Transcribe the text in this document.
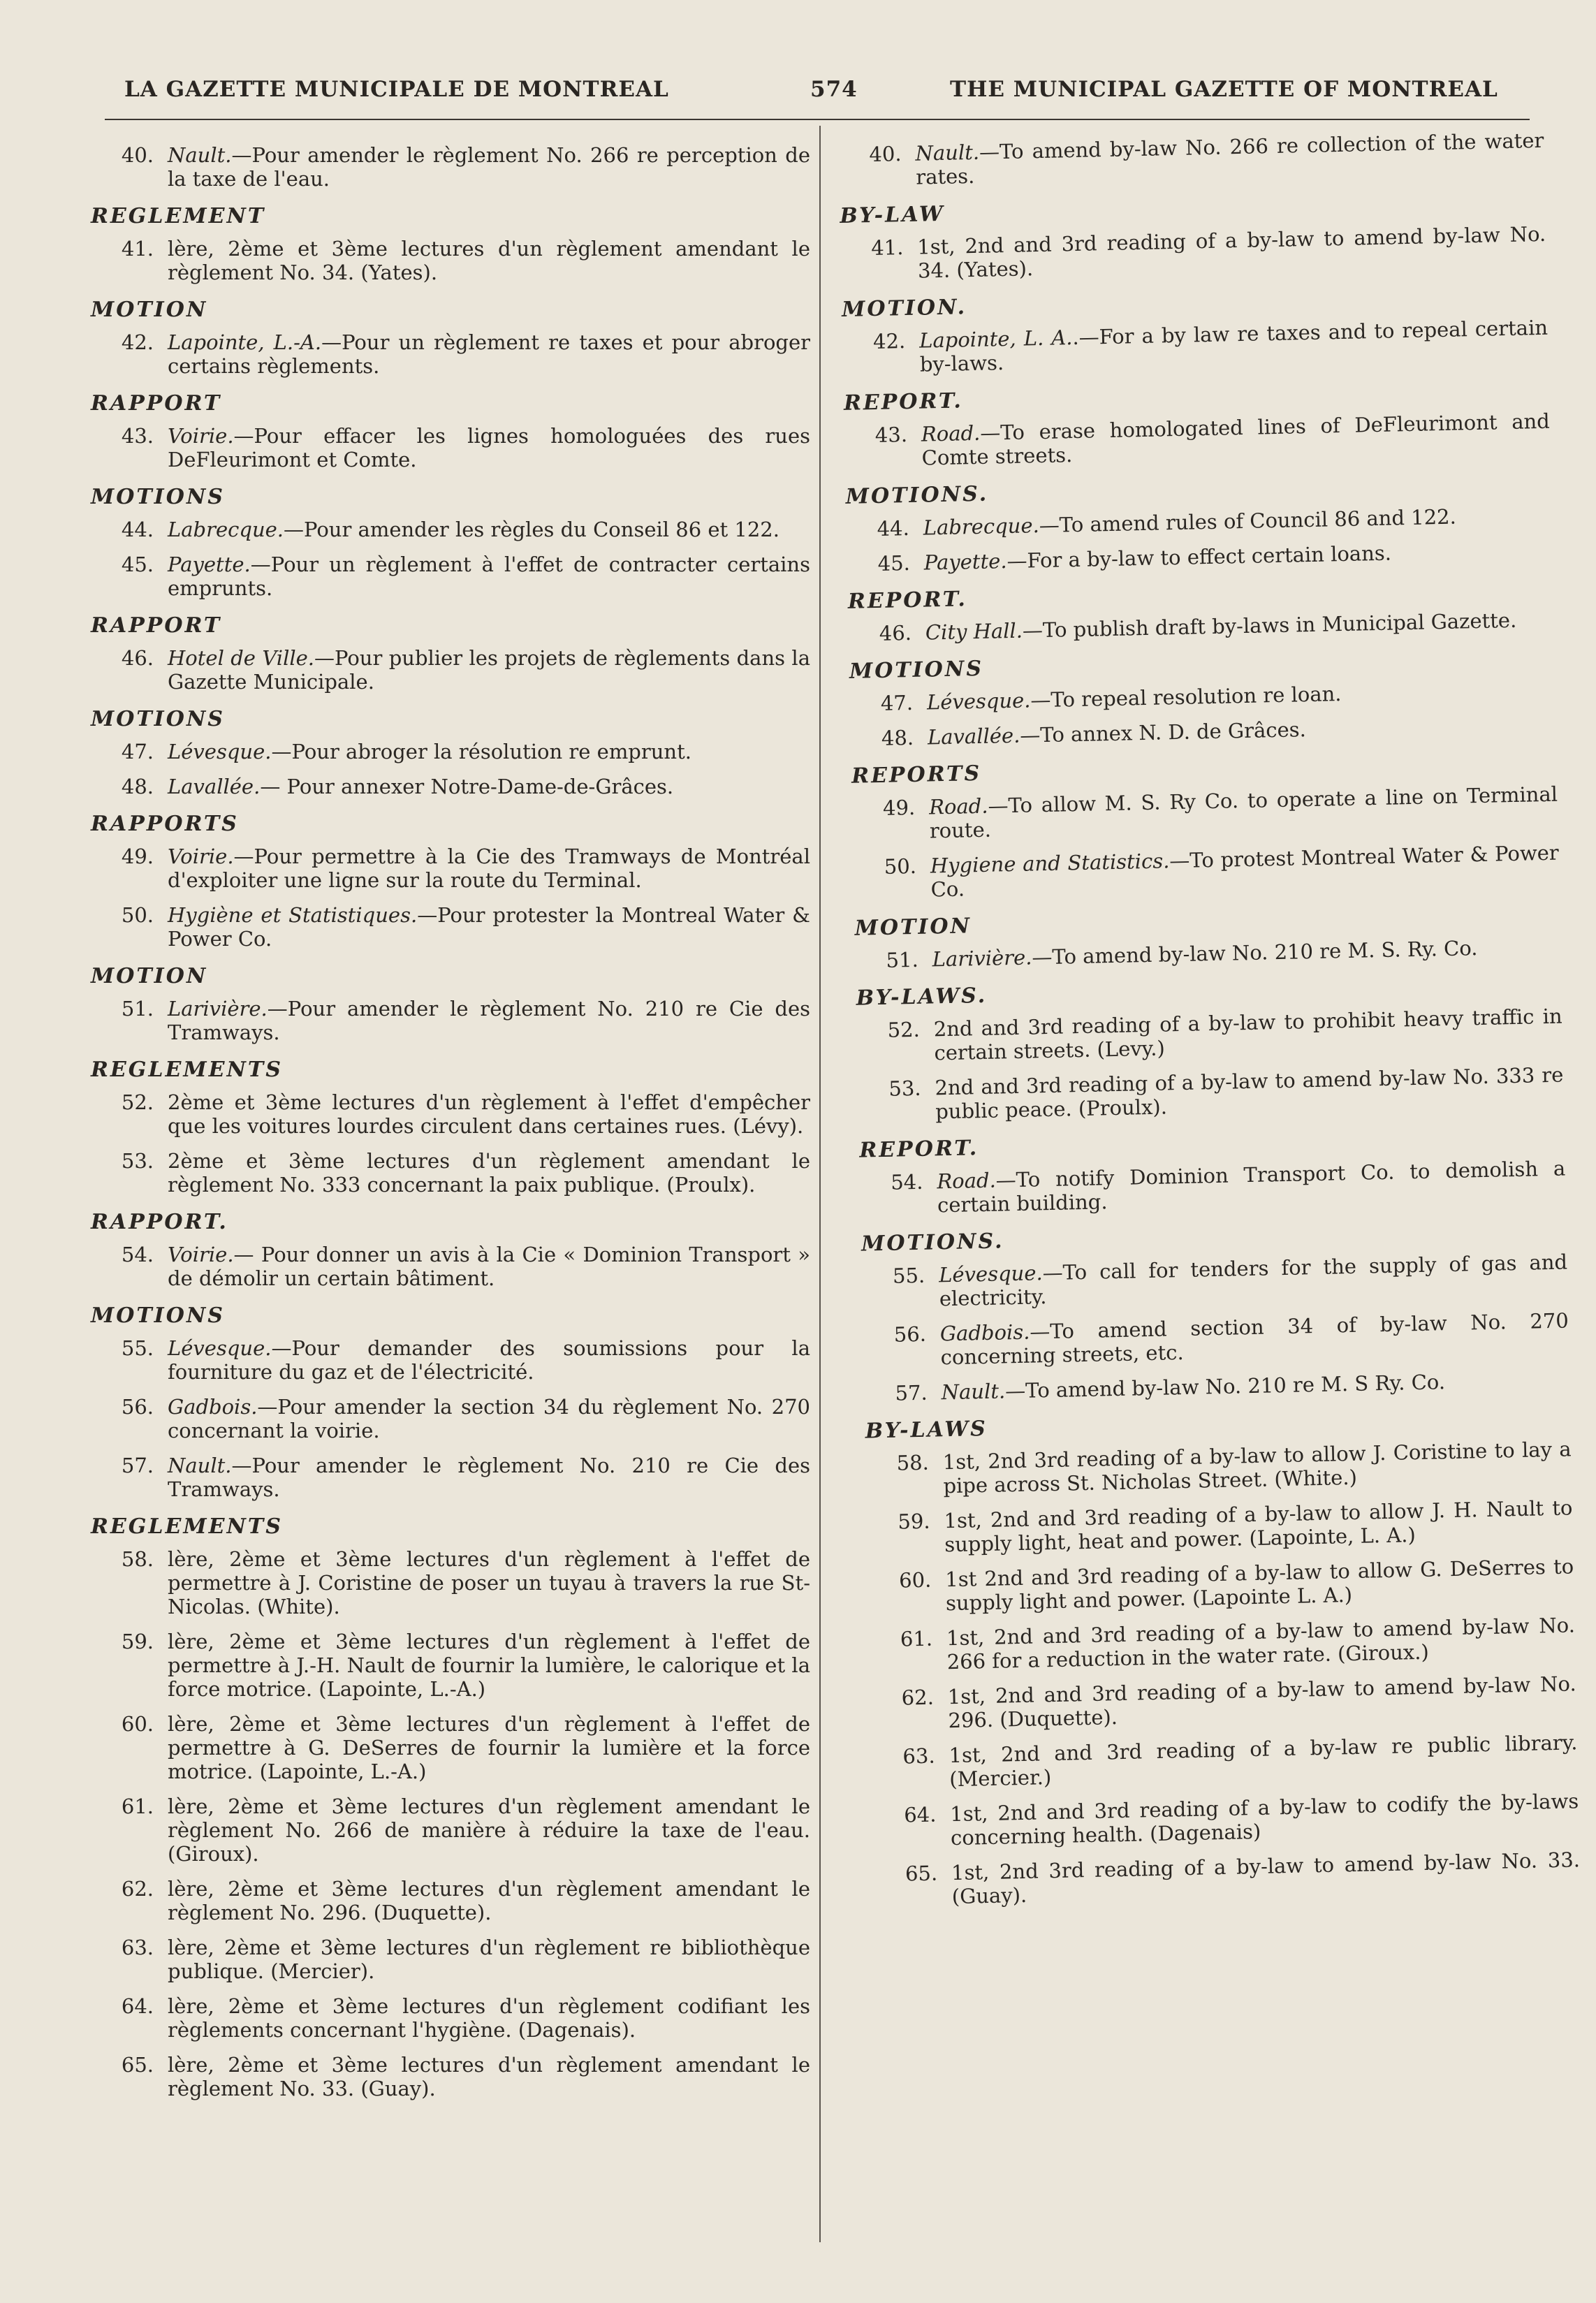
LA GAZETTE MUNICIPALE DE MONTREAL	574	THE MUNICIPAL GAZETTE OF MONTREAL
40. Nault.—Pour amender le règlement No. 266 re perception de la taxe de l'eau.
REGLEMENT
41. lère, 2ème et 3ème lectures d'un règlement amendant le règlement No. 34. (Yates).
MOTION
42. Lapointe, L.-A.—Pour un règlement re taxes et pour abroger certains règlements.
RAPPORT
43. Voirie.—Pour effacer les lignes homologuées des rues DeFleurimont et Comte.
MOTIONS
44. Labrecque.—Pour amender les règles du Conseil 86 et 122.
45. Payette.—Pour un règlement à l'effet de contracter certains emprunts.
RAPPORT
46. Hotel de Ville.—Pour publier les projets de règlements dans la Gazette Municipale.
MOTIONS
47. Lévesque.—Pour abroger la résolution re emprunt.
48. Lavallée.— Pour annexer Notre-Dame-de-Grâces.
RAPPORTS
49. Voirie.—Pour permettre à la Cie des Tramways de Montréal d'exploiter une ligne sur la route du Terminal.
50. Hygiène et Statistiques.—Pour protester la Montreal Water & Power Co.
MOTION
51. Larivière.—Pour amender le règlement No. 210 re Cie des Tramways.
REGLEMENTS
52. 2ème et 3ème lectures d'un règlement à l'effet d'empêcher que les voitures lourdes circulent dans certaines rues. (Lévy).
53. 2ème et 3ème lectures d'un règlement amendant le règlement No. 333 concernant la paix publique. (Proulx).
RAPPORT.
54. Voirie.— Pour donner un avis à la Cie « Dominion Transport » de démolir un certain bâtiment.
MOTIONS
55. Lévesque.—Pour demander des soumissions pour la fourniture du gaz et de l'électricité.
56. Gadbois.—Pour amender la section 34 du règlement No. 270 concernant la voirie.
57. Nault.—Pour amender le règlement No. 210 re Cie des Tramways.
REGLEMENTS
58. lère, 2ème et 3ème lectures d'un règlement à l'effet de permettre à J. Coristine de poser un tuyau à travers la rue St-Nicolas. (White).
59. lère, 2ème et 3ème lectures d'un règlement à l'effet de permettre à J.-H. Nault de fournir la lumière, le calorique et la force motrice. (Lapointe, L.-A.)
60. lère, 2ème et 3ème lectures d'un règlement à l'effet de permettre à G. DeSerres de fournir la lumière et la force motrice. (Lapointe, L.-A.)
61. lère, 2ème et 3ème lectures d'un règlement amendant le règlement No. 266 de manière à réduire la taxe de l'eau. (Giroux).
62. lère, 2ème et 3ème lectures d'un règlement amendant le règlement No. 296. (Duquette).
63. lère, 2ème et 3ème lectures d'un règlement re bibliothèque publique. (Mercier).
64. lère, 2ème et 3ème lectures d'un règlement codifiant les règlements concernant l'hygiène. (Dagenais).
65. lère, 2ème et 3ème lectures d'un règlement amendant le règlement No. 33. (Guay).
40. Nault.—To amend by-law No. 266 re collection of the water rates.
BY-LAW
41. 1st, 2nd and 3rd reading of a by-law to amend by-law No. 34. (Yates).
MOTION.
42. Lapointe, L. A..—For a by law re taxes and to repeal certain by-laws.
REPORT.
43. Road.—To erase homologated lines of DeFleurimont and Comte streets.
MOTIONS.
44. Labrecque.—To amend rules of Council 86 and 122.
45. Payette.—For a by-law to effect certain loans.
REPORT.
46. City Hall.—To publish draft by-laws in Municipal Gazette.
MOTIONS
47. Lévesque.—To repeal resolution re loan.
48. Lavallée.—To annex N. D. de Grâces.
REPORTS
49. Road.—To allow M. S. Ry Co. to operate a line on Terminal route.
50. Hygiene and Statistics.—To protest Montreal Water & Power Co.
MOTION
51. Larivière.—To amend by-law No. 210 re M. S. Ry. Co.
BY-LAWS.
52. 2nd and 3rd reading of a by-law to prohibit heavy traffic in certain streets. (Levy.)
53. 2nd and 3rd reading of a by-law to amend by-law No. 333 re public peace. (Proulx).
REPORT.
54. Road.—To notify Dominion Transport Co. to demolish a certain building.
MOTIONS.
55. Lévesque.—To call for tenders for the supply of gas and electricity.
56. Gadbois.—To amend section 34 of by-law No. 270 concerning streets, etc.
57. Nault.—To amend by-law No. 210 re M. S Ry. Co.
BY-LAWS
58. 1st, 2nd 3rd reading of a by-law to allow J. Coristine to lay a pipe across St. Nicholas Street. (White.)
59. 1st, 2nd and 3rd reading of a by-law to allow J. H. Nault to supply light, heat and power. (Lapointe, L. A.)
60. 1st 2nd and 3rd reading of a by-law to allow G. DeSerres to supply light and power. (Lapointe L. A.)
61. 1st, 2nd and 3rd reading of a by-law to amend by-law No. 266 for a reduction in the water rate. (Giroux.)
62. 1st, 2nd and 3rd reading of a by-law to amend by-law No. 296. (Duquette).
63. 1st, 2nd and 3rd reading of a by-law re public library. (Mercier.)
64. 1st, 2nd and 3rd reading of a by-law to codify the by-laws concerning health. (Dagenais)
65. 1st, 2nd 3rd reading of a by-law to amend by-law No. 33. (Guay).
